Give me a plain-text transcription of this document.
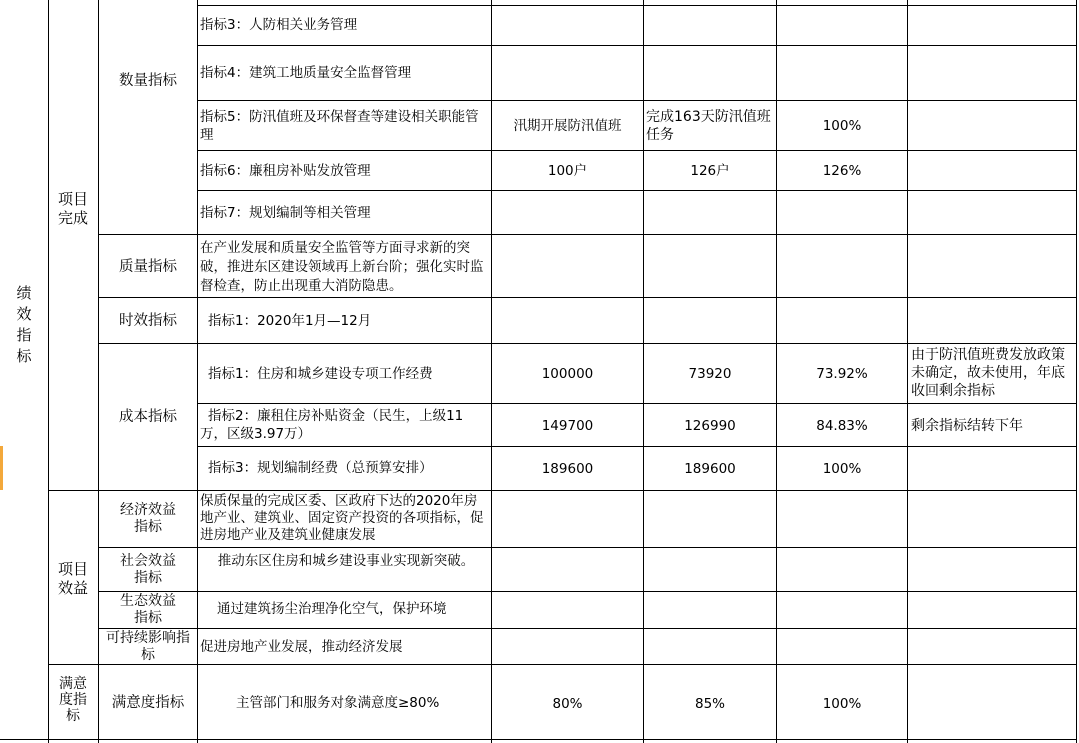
绩效指标
项目完成
项目效益
满意度指标
数量指标
质量指标
时效指标
成本指标
经济效益指标
社会效益指标
生态效益指标
可持续影响指标
满意度指标
指标3：人防相关业务管理
指标4：建筑工地质量安全监督管理
指标5：防汛值班及环保督查等建设相关职能管理
指标6：廉租房补贴发放管理
指标7：规划编制等相关管理
在产业发展和质量安全监管等方面寻求新的突破，推进东区建设领域再上新台阶；强化实时监督检查，防止出现重大消防隐患。
指标1：2020年1月—12月
指标1：住房和城乡建设专项工作经费
指标2：廉租住房补贴资金（民生，上级11万，区级3.97万）
指标3：规划编制经费（总预算安排）
保质保量的完成区委、区政府下达的2020年房地产业、建筑业、固定资产投资的各项指标，促进房地产业及建筑业健康发展
推动东区住房和城乡建设事业实现新突破。
通过建筑扬尘治理净化空气，保护环境
促进房地产业发展，推动经济发展
主管部门和服务对象满意度≥80%
汛期开展防汛值班
100户
100000
149700
189600
80%
完成163天防汛值班任务
126户
73920
126990
189600
85%
100%
126%
73.92%
84.83%
100%
100%
由于防汛值班费发放政策未确定，故未使用，年底收回剩余指标
剩余指标结转下年
